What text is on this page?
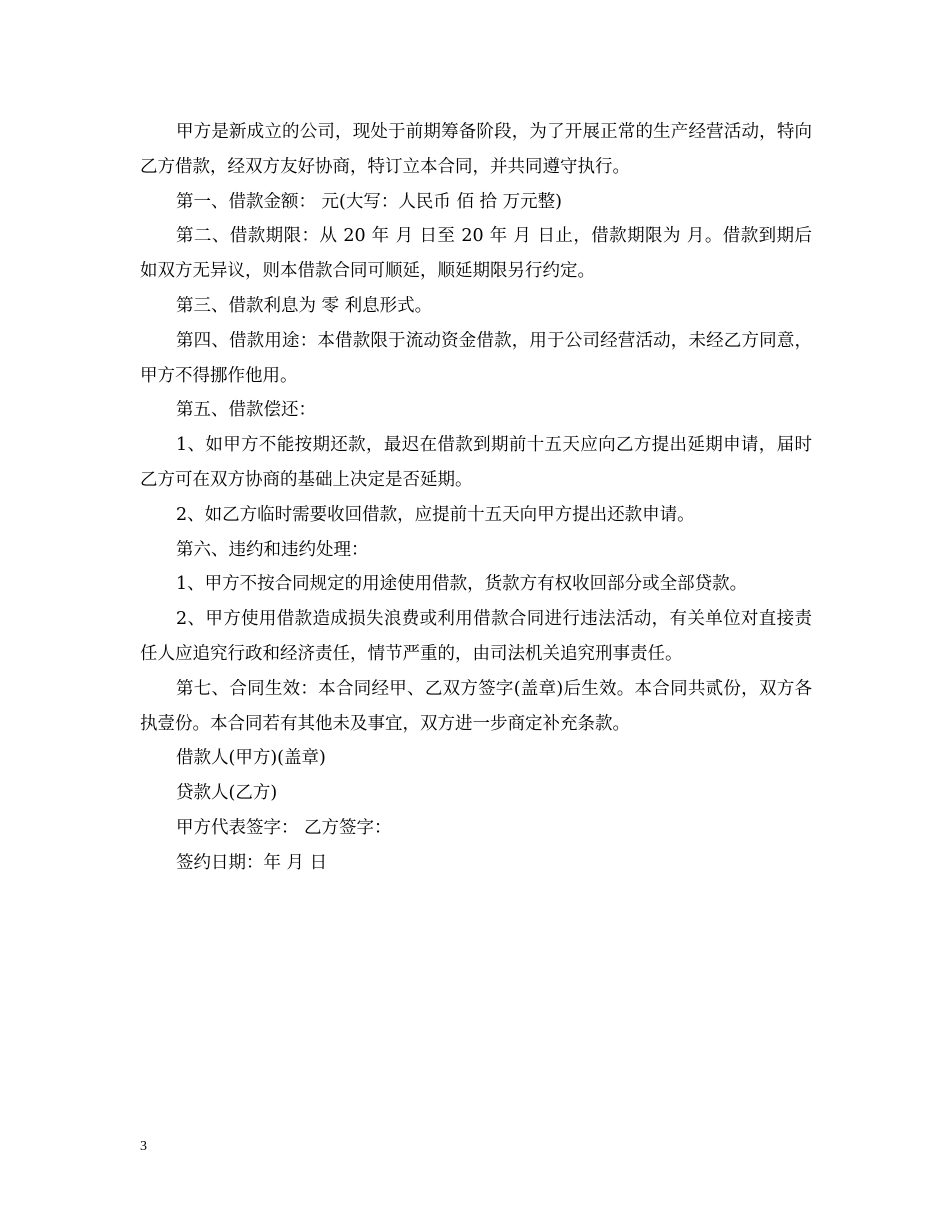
甲方是新成立的公司，现处于前期筹备阶段，为了开展正常的生产经营活动，特向乙方借款，经双方友好协商，特订立本合同，并共同遵守执行。

第一、借款金额： 元(大写：人民币 佰 拾 万元整)

第二、借款期限：从 20 年 月 日至 20 年 月 日止，借款期限为 月。借款到期后如双方无异议，则本借款合同可顺延，顺延期限另行约定。

第三、借款利息为 零 利息形式。

第四、借款用途：本借款限于流动资金借款，用于公司经营活动，未经乙方同意，甲方不得挪作他用。

第五、借款偿还：

1、如甲方不能按期还款，最迟在借款到期前十五天应向乙方提出延期申请，届时乙方可在双方协商的基础上决定是否延期。

2、如乙方临时需要收回借款，应提前十五天向甲方提出还款申请。

第六、违约和违约处理：

1、甲方不按合同规定的用途使用借款，货款方有权收回部分或全部贷款。

2、甲方使用借款造成损失浪费或利用借款合同进行违法活动，有关单位对直接责任人应追究行政和经济责任，情节严重的，由司法机关追究刑事责任。

第七、合同生效：本合同经甲、乙双方签字(盖章)后生效。本合同共贰份，双方各执壹份。本合同若有其他未及事宜，双方进一步商定补充条款。

借款人(甲方)(盖章)

贷款人(乙方)

甲方代表签字： 乙方签字：

签约日期：年 月 日

3
